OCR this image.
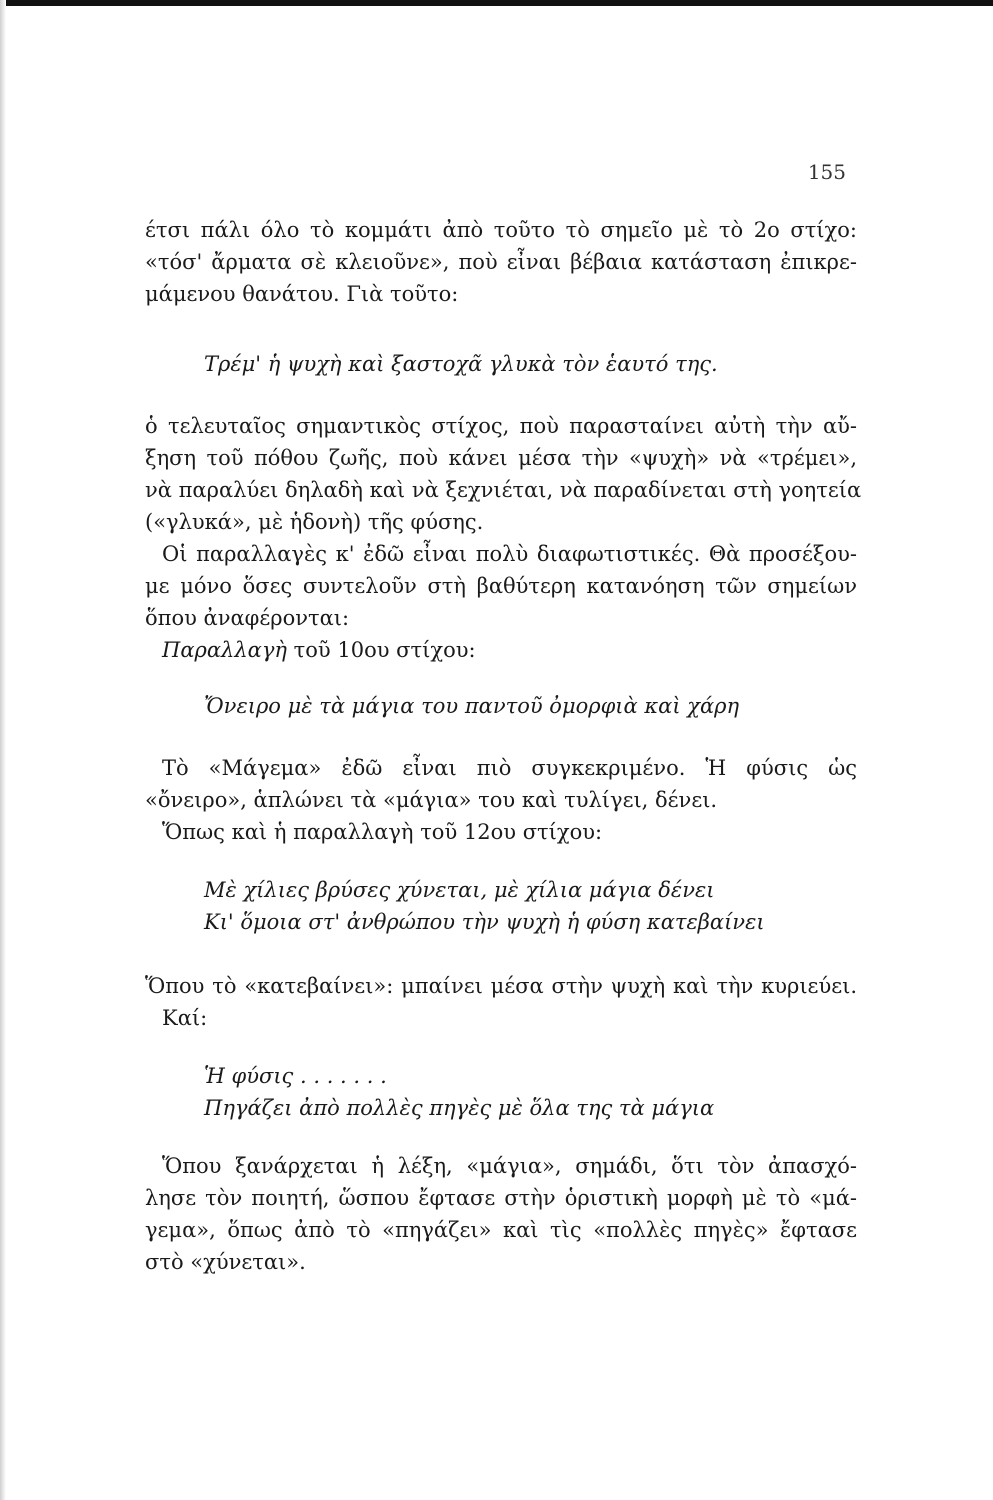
155
έτσι πάλι όλο τὸ κομμάτι ἀπὸ τοῦτο τὸ σημεῖο μὲ τὸ 2ο στίχο:
«τόσ' ἄρματα σὲ κλειοῦνε», ποὺ εἶναι βέβαια κατάσταση ἐπικρε-
μάμενου θανάτου. Γιὰ τοῦτο:
Τρέμ' ἡ ψυχὴ καὶ ξαστοχᾶ γλυκὰ τὸν ἑαυτό της.
ὁ τελευταῖος σημαντικὸς στίχος, ποὺ παρασταίνει αὐτὴ τὴν αὔ-
ξηση τοῦ πόθου ζωῆς, ποὺ κάνει μέσα τὴν «ψυχὴ» νὰ «τρέμει»,
νὰ παραλύει δηλαδὴ καὶ νὰ ξεχνιέται, νὰ παραδίνεται στὴ γοητεία
(«γλυκά», μὲ ἡδονὴ) τῆς φύσης.
Οἱ παραλλαγὲς κ' ἐδῶ εἶναι πολὺ διαφωτιστικές. Θὰ προσέξου-
με μόνο ὅσες συντελοῦν στὴ βαθύτερη κατανόηση τῶν σημείων
ὅπου ἀναφέρονται:
Παραλλαγὴ τοῦ 10ου στίχου:
Ὄνειρο μὲ τὰ μάγια του παντοῦ ὀμορφιὰ καὶ χάρη
Τὸ «Μάγεμα» ἐδῶ εἶναι πιὸ συγκεκριμένο. Ἡ φύσις ὡς
«ὄνειρο», ἁπλώνει τὰ «μάγια» του καὶ τυλίγει, δένει.
Ὅπως καὶ ἡ παραλλαγὴ τοῦ 12ου στίχου:
Μὲ χίλιες βρύσες χύνεται, μὲ χίλια μάγια δένει
Κι' ὅμοια στ' ἀνθρώπου τὴν ψυχὴ ἡ φύση κατεβαίνει
Ὅπου τὸ «κατεβαίνει»: μπαίνει μέσα στὴν ψυχὴ καὶ τὴν κυριεύει.
Καί:
Ἡ φύσις . . . . . . .
Πηγάζει ἀπὸ πολλὲς πηγὲς μὲ ὅλα της τὰ μάγια
Ὅπου ξανάρχεται ἡ λέξη, «μάγια», σημάδι, ὅτι τὸν ἀπασχό-
λησε τὸν ποιητή, ὥσπου ἔφτασε στὴν ὁριστικὴ μορφὴ μὲ τὸ «μά-
γεμα», ὅπως ἀπὸ τὸ «πηγάζει» καὶ τὶς «πολλὲς πηγὲς» ἔφτασε
στὸ «χύνεται».
